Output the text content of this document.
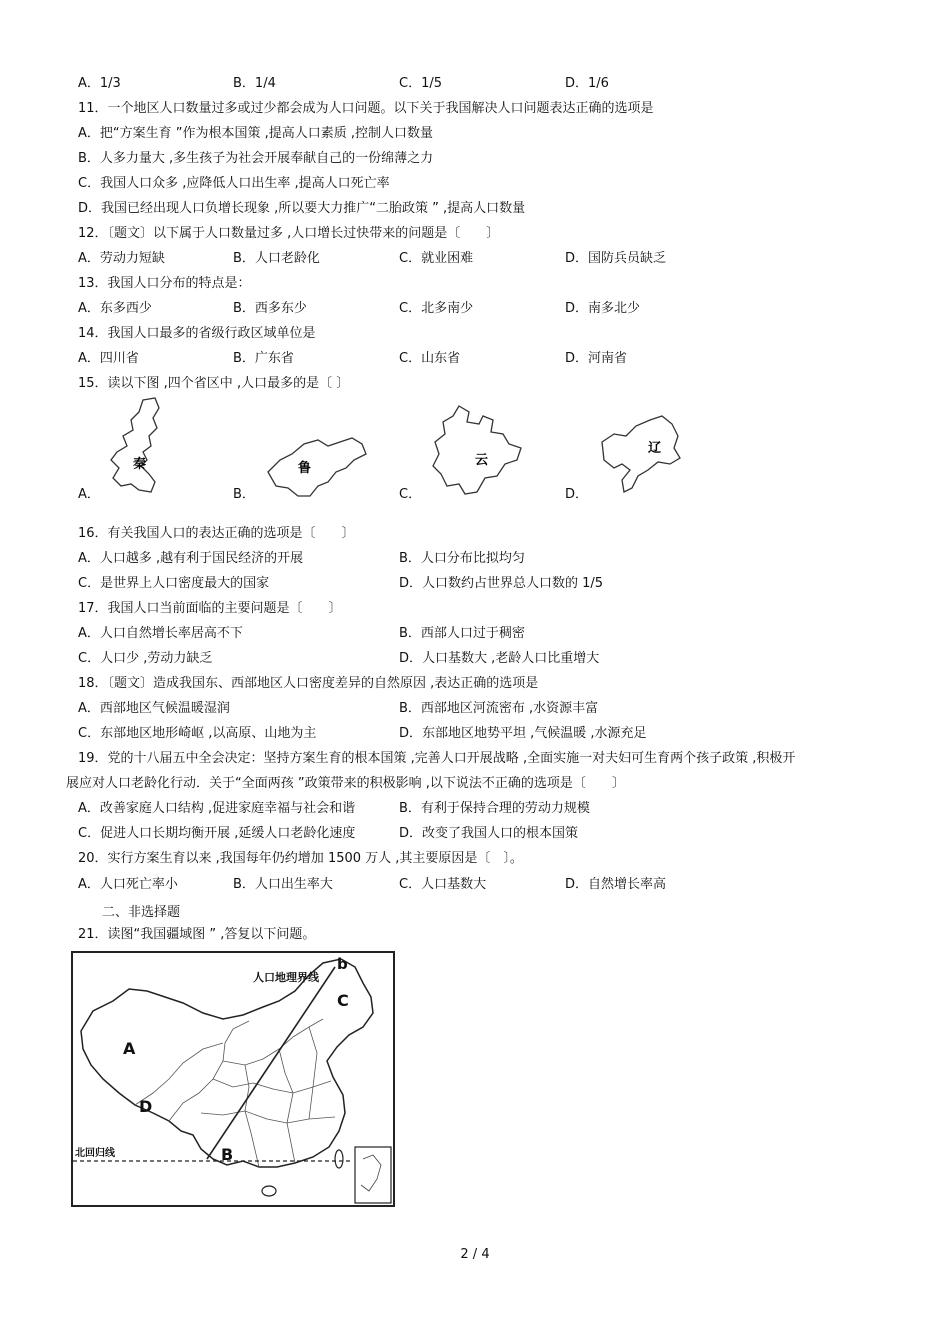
A．1/3	B．1/4	C．1/5	D．1/6
11．一个地区人口数量过多或过少都会成为人口问题。以下关于我国解决人口问题表达正确的选项是
A．把“方案生育 ”作为根本国策 ,提高人口素质 ,控制人口数量
B．人多力量大 ,多生孩子为社会开展奉献自己的一份绵薄之力
C．我国人口众多 ,应降低人口出生率 ,提高人口死亡率
D．我国已经出现人口负增长现象 ,所以要大力推广“二胎政策 ” ,提高人口数量
12．〔题文〕以下属于人口数量过多 ,人口增长过快带来的问题是〔　　〕
A．劳动力短缺	B．人口老龄化	C．就业困难	D．国防兵员缺乏
13．我国人口分布的特点是：
A．东多西少	B．西多东少	C．北多南少	D．南多北少
14．我国人口最多的省级行政区域单位是
A．四川省	B．广东省	C．山东省	D．河南省
15．读以下图 ,四个省区中 ,人口最多的是〔 〕
秦
A．
鲁
B．
云
C．
辽
D．
16．有关我国人口的表达正确的选项是〔　　〕
A．人口越多 ,越有利于国民经济的开展	B．人口分布比拟均匀
C．是世界上人口密度最大的国家	D．人口数约占世界总人口数的 1/5
17．我国人口当前面临的主要问题是〔　　〕
A．人口自然增长率居高不下	B．西部人口过于稠密
C．人口少 ,劳动力缺乏	D．人口基数大 ,老龄人口比重增大
18．〔题文〕造成我国东、西部地区人口密度差异的自然原因 ,表达正确的选项是
A．西部地区气候温暖湿润	B．西部地区河流密布 ,水资源丰富
C．东部地区地形崎岖 ,以高原、山地为主	D．东部地区地势平坦 ,气候温暖 ,水源充足
19．党的十八届五中全会决定：坚持方案生育的根本国策 ,完善人口开展战略 ,全面实施一对夫妇可生育两个孩子政策 ,积极开
展应对人口老龄化行动．关于“全面两孩 ”政策带来的积极影响 ,以下说法不正确的选项是〔　　〕
A．改善家庭人口结构 ,促进家庭幸福与社会和谐	B．有利于保持合理的劳动力规模
C．促进人口长期均衡开展 ,延缓人口老龄化速度	D．改变了我国人口的根本国策
20．实行方案生育以来 ,我国每年仍约增加 1500 万人 ,其主要原因是〔　〕。
A．人口死亡率小	B．人口出生率大	C．人口基数大	D．自然增长率高
二、非选择题
21．读图“我国疆域图 ” ,答复以下问题。
人口地理界线
北回归线
A
B
C
D
b
2 / 4
